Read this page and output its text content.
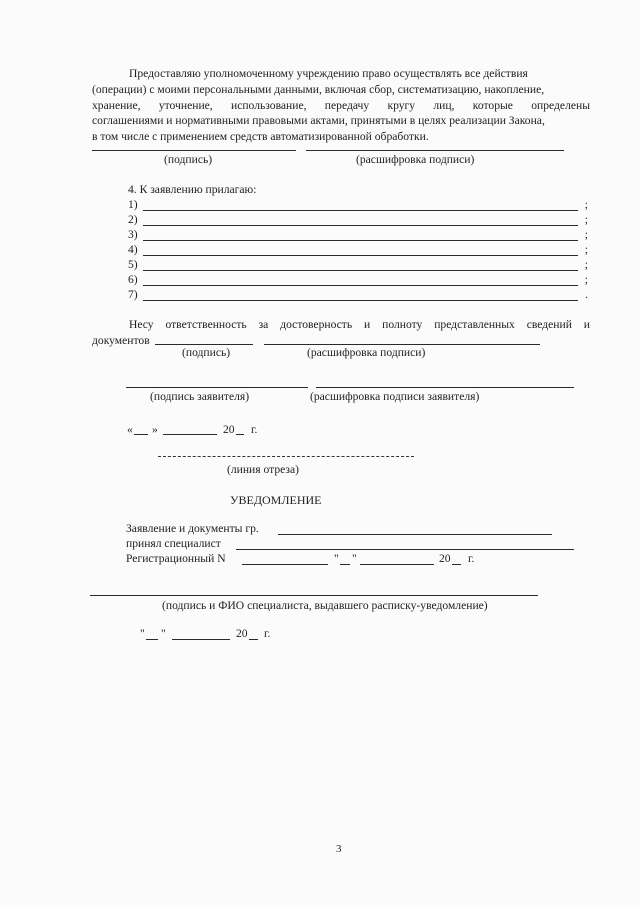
Предоставляю уполномоченному учреждению право осуществлять все действия
(операции) с моими персональными данными, включая сбор, систематизацию, накопление,
хранение, уточнение, использование, передачу кругу лиц, которые определены
соглашениями и нормативными правовыми актами, принятыми в целях реализации Закона,
в том числе с применением средств автоматизированной обработки.
(подпись)	(расшифровка подписи)
4. К заявлению прилагаю:
1)	;
2)	;
3)	;
4)	;
5)	;
6)	;
7)	.
Несу ответственность за достоверность и полноту представленных сведений и
документов
(подпись)	(расшифровка подписи)
(подпись заявителя)	(расшифровка подписи заявителя)
« »	20 г.
(линия отреза)
УВЕДОМЛЕНИЕ
Заявление и документы гр.
принял специалист
Регистрационный N	" "	20 г.
(подпись и ФИО специалиста, выдавшего расписку-уведомление)
" "	20 г.
3
